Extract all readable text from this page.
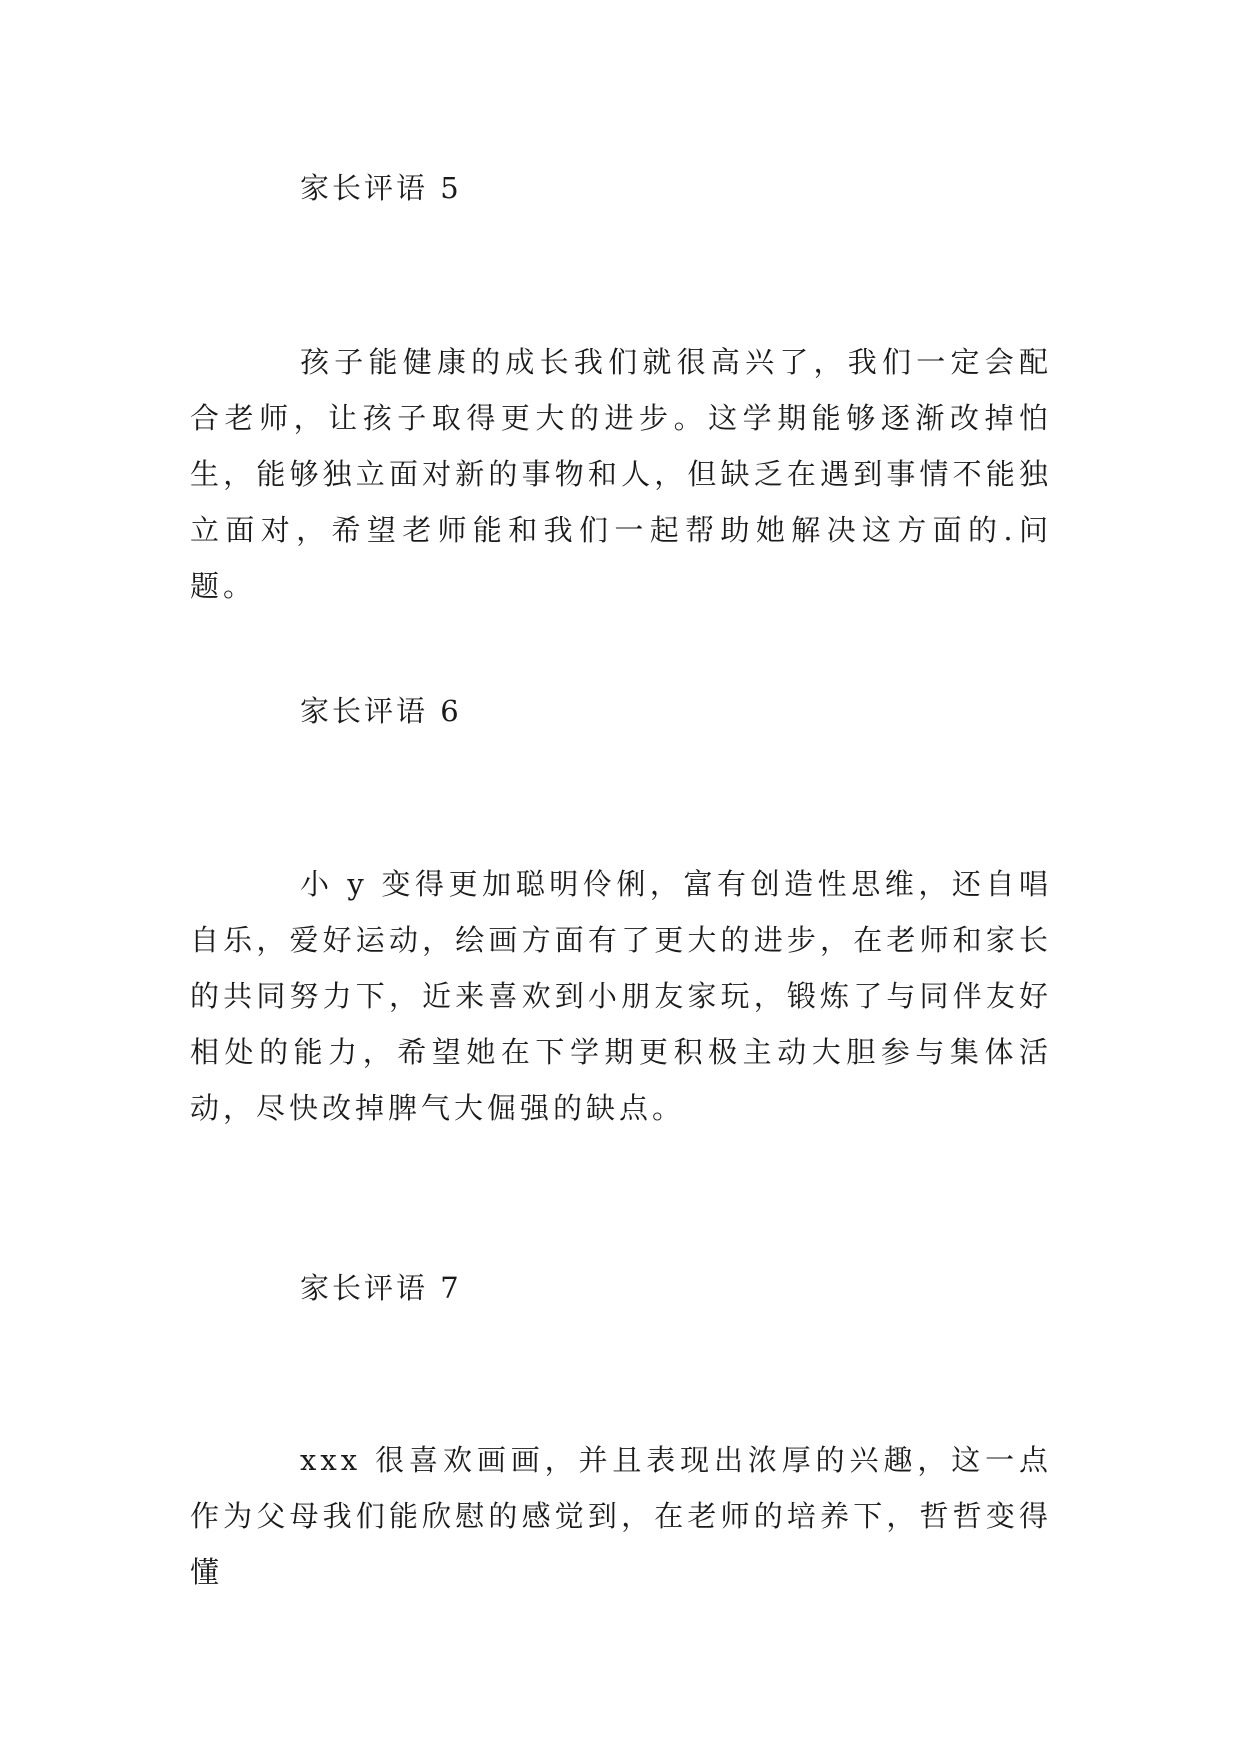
家长评语 5

孩子能健康的成长我们就很高兴了，我们一定会配合老师，让孩子取得更大的进步。这学期能够逐渐改掉怕生，能够独立面对新的事物和人，但缺乏在遇到事情不能独立面对，希望老师能和我们一起帮助她解决这方面的.问题。

家长评语 6

小 y 变得更加聪明伶俐，富有创造性思维，还自唱自乐，爱好运动，绘画方面有了更大的进步，在老师和家长的共同努力下，近来喜欢到小朋友家玩，锻炼了与同伴友好相处的能力，希望她在下学期更积极主动大胆参与集体活动，尽快改掉脾气大倔强的缺点。

家长评语 7

xxx 很喜欢画画，并且表现出浓厚的兴趣，这一点作为父母我们能欣慰的感觉到，在老师的培养下，哲哲变得懂
